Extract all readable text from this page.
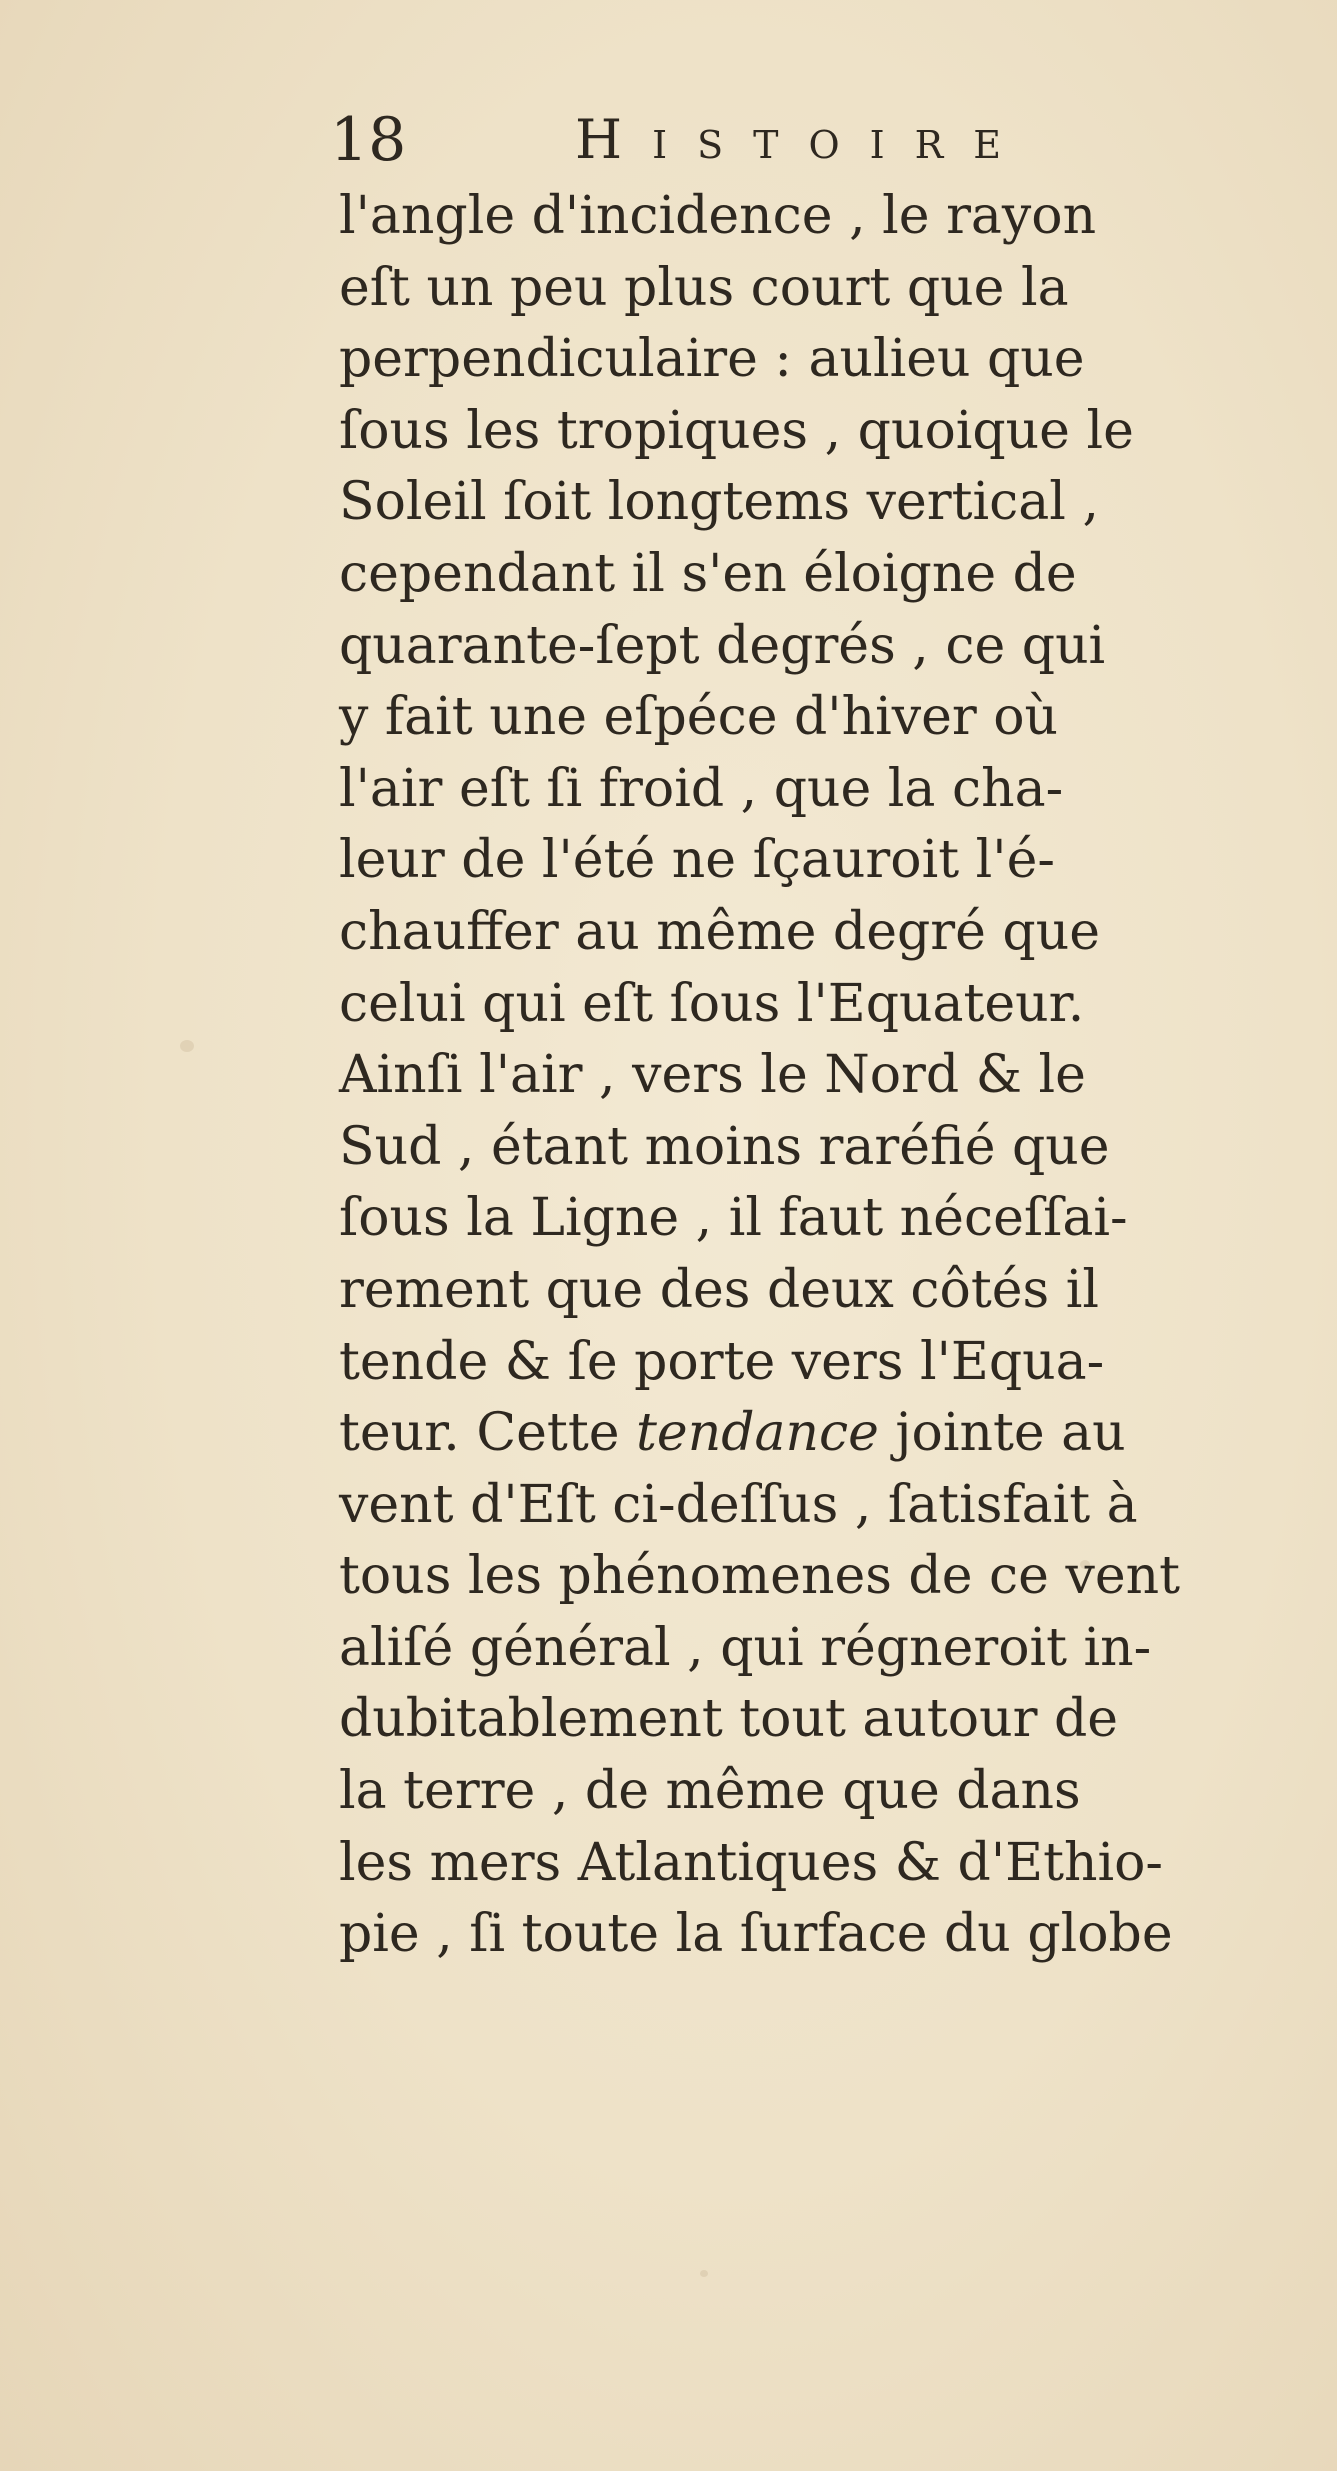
18	Histoire
l'angle d'incidence , le rayon
eſt un peu plus court que la
perpendiculaire : aulieu que
ſous les tropiques , quoique le
Soleil ſoit longtems vertical ,
cependant il s'en éloigne de
quarante-ſept degrés , ce qui
y fait une eſpéce d'hiver où
l'air eſt ſi froid , que la cha-
leur de l'été ne ſçauroit l'é-
chauffer au même degré que
celui qui eſt ſous l'Equateur.
Ainſi l'air , vers le Nord & le
Sud , étant moins raréfié que
ſous la Ligne , il faut néceſſai-
rement que des deux côtés il
tende & ſe porte vers l'Equa-
teur. Cette tendance jointe au
vent d'Eſt ci-deſſus , ſatisfait à
tous les phénomenes de ce vent
aliſé général , qui régneroit in-
dubitablement tout autour de
la terre , de même que dans
les mers Atlantiques & d'Ethio-
pie , ſi toute la ſurface du globe
